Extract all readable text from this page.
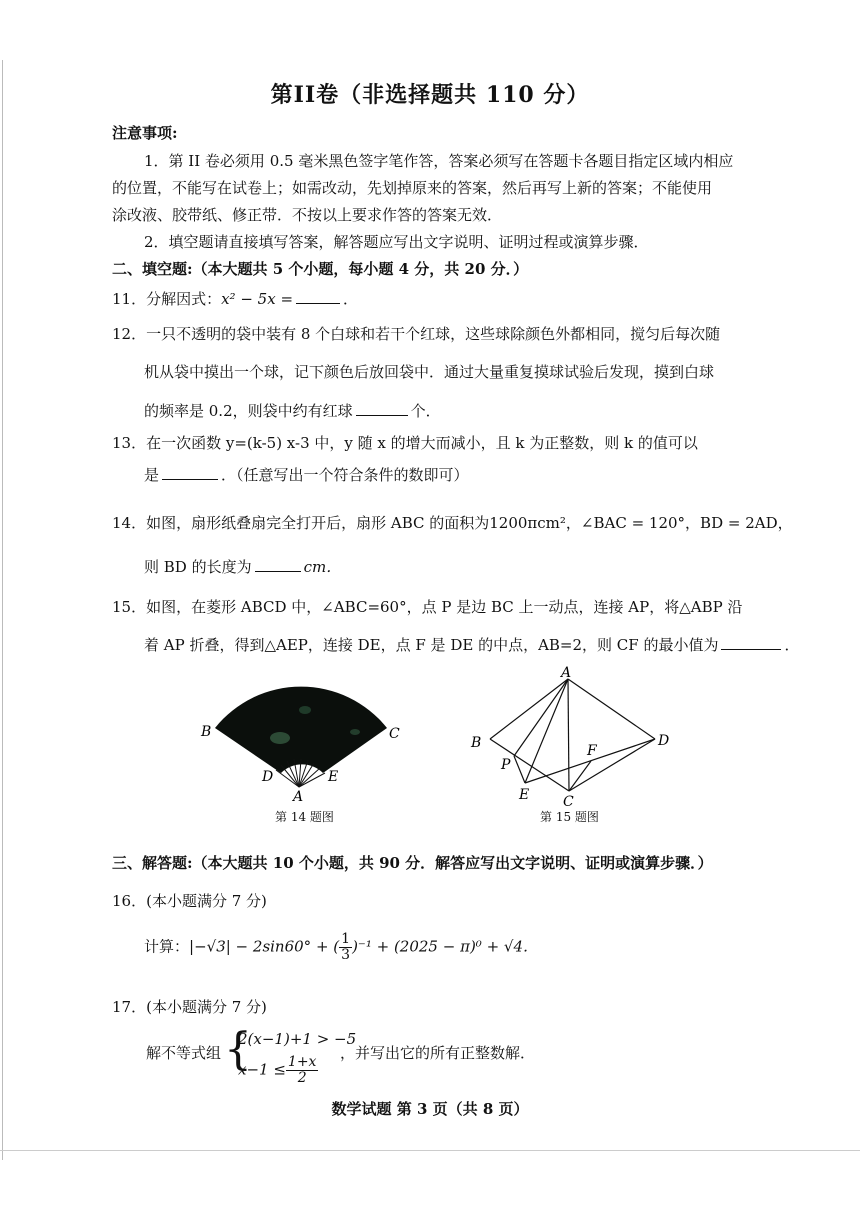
第II卷（非选择题共 110 分）
注意事项:
1．第 II 卷必须用 0.5 毫米黑色签字笔作答，答案必须写在答题卡各题目指定区域内相应
的位置，不能写在试卷上；如需改动，先划掉原来的答案，然后再写上新的答案；不能使用
涂改液、胶带纸、修正带．不按以上要求作答的答案无效．
2．填空题请直接填写答案，解答题应写出文字说明、证明过程或演算步骤．
二、填空题:（本大题共 5 个小题，每小题 4 分，共 20 分．）
11．分解因式：x² − 5x =	．
12．一只不透明的袋中装有 8 个白球和若干个红球，这些球除颜色外都相同，搅匀后每次随
机从袋中摸出一个球，记下颜色后放回袋中．通过大量重复摸球试验后发现，摸到白球
的频率是 0.2，则袋中约有红球	个．
13．在一次函数 y=(k-5) x-3 中，y 随 x 的增大而减小，且 k 为正整数，则 k 的值可以
是	．（任意写出一个符合条件的数即可）
14．如图，扇形纸叠扇完全打开后，扇形 ABC 的面积为1200πcm²，∠BAC = 120°，BD = 2AD，
则 BD 的长度为	cm．
15．如图，在菱形 ABCD 中，∠ABC=60°，点 P 是边 BC 上一动点，连接 AP，将△ABP 沿
着 AP 折叠，得到△AEP，连接 DE，点 F 是 DE 的中点，AB=2，则 CF 的最小值为	．
B	C
D	E
A
第 14 题图
A
B	D
P
F
E C
第 15 题图
三、解答题:（本大题共 10 个小题，共 90 分．解答应写出文字说明、证明或演算步骤．）
16．(本小题满分 7 分)
计算：|−√3| − 2sin60° + ( $\frac{1}{3} )^{-1} + (2025 - \pi)^0 + √4$．
17．(本小题满分 7 分)
解不等式组 {
2(x−1)+1 > −5
$x-1 \le \frac{1+x}{2}$
，并写出它的所有正整数解．
数学试题 第 3 页（共 8 页）
